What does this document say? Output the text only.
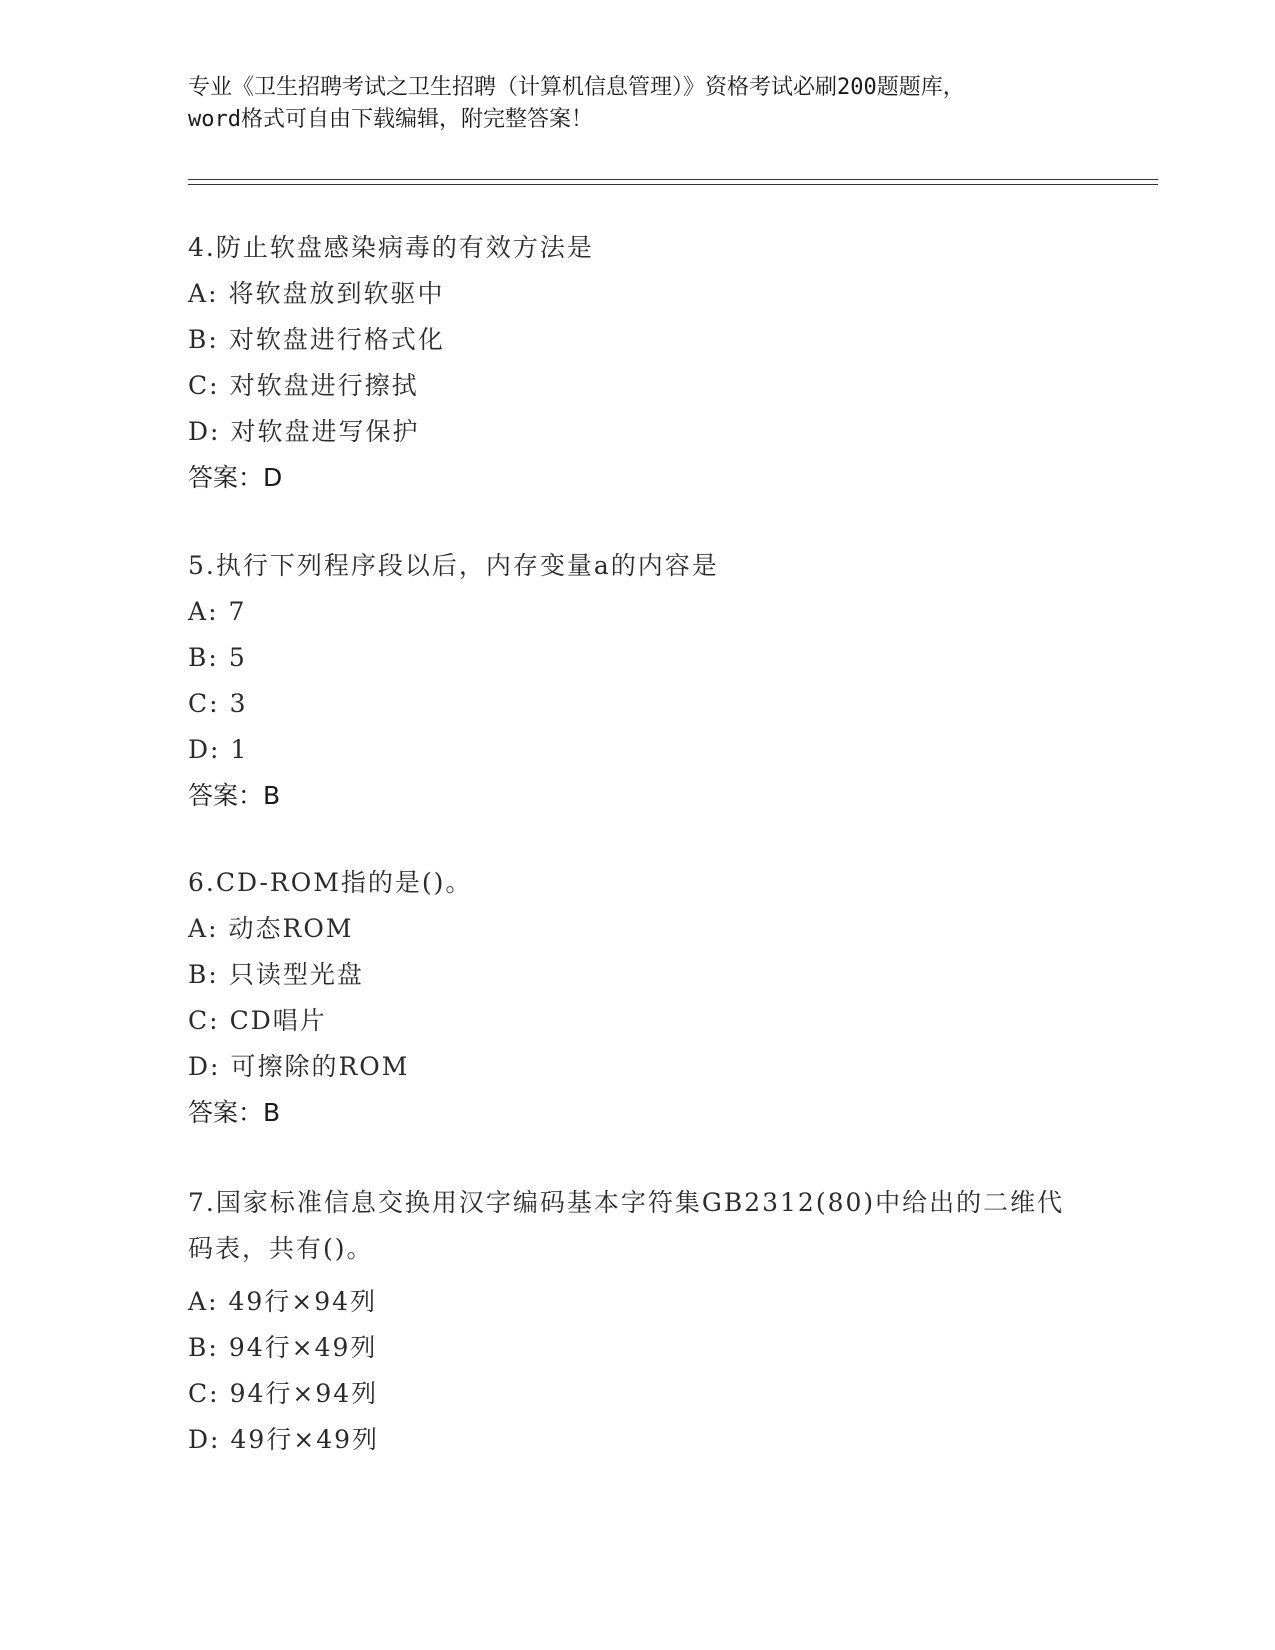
专业《卫生招聘考试之卫生招聘（计算机信息管理）》资格考试必刷200题题库，
word格式可自由下载编辑，附完整答案！
4.防止软盘感染病毒的有效方法是
A: 将软盘放到软驱中
B: 对软盘进行格式化
C: 对软盘进行擦拭
D: 对软盘进写保护
答案：D
5.执行下列程序段以后，内存变量a的内容是
A: 7
B: 5
C: 3
D: 1
答案：B
6.CD-ROM指的是()。
A: 动态ROM
B: 只读型光盘
C: CD唱片
D: 可擦除的ROM
答案：B
7.国家标准信息交换用汉字编码基本字符集GB2312(80)中给出的二维代码表，共有()。
A: 49行×94列
B: 94行×49列
C: 94行×94列
D: 49行×49列
